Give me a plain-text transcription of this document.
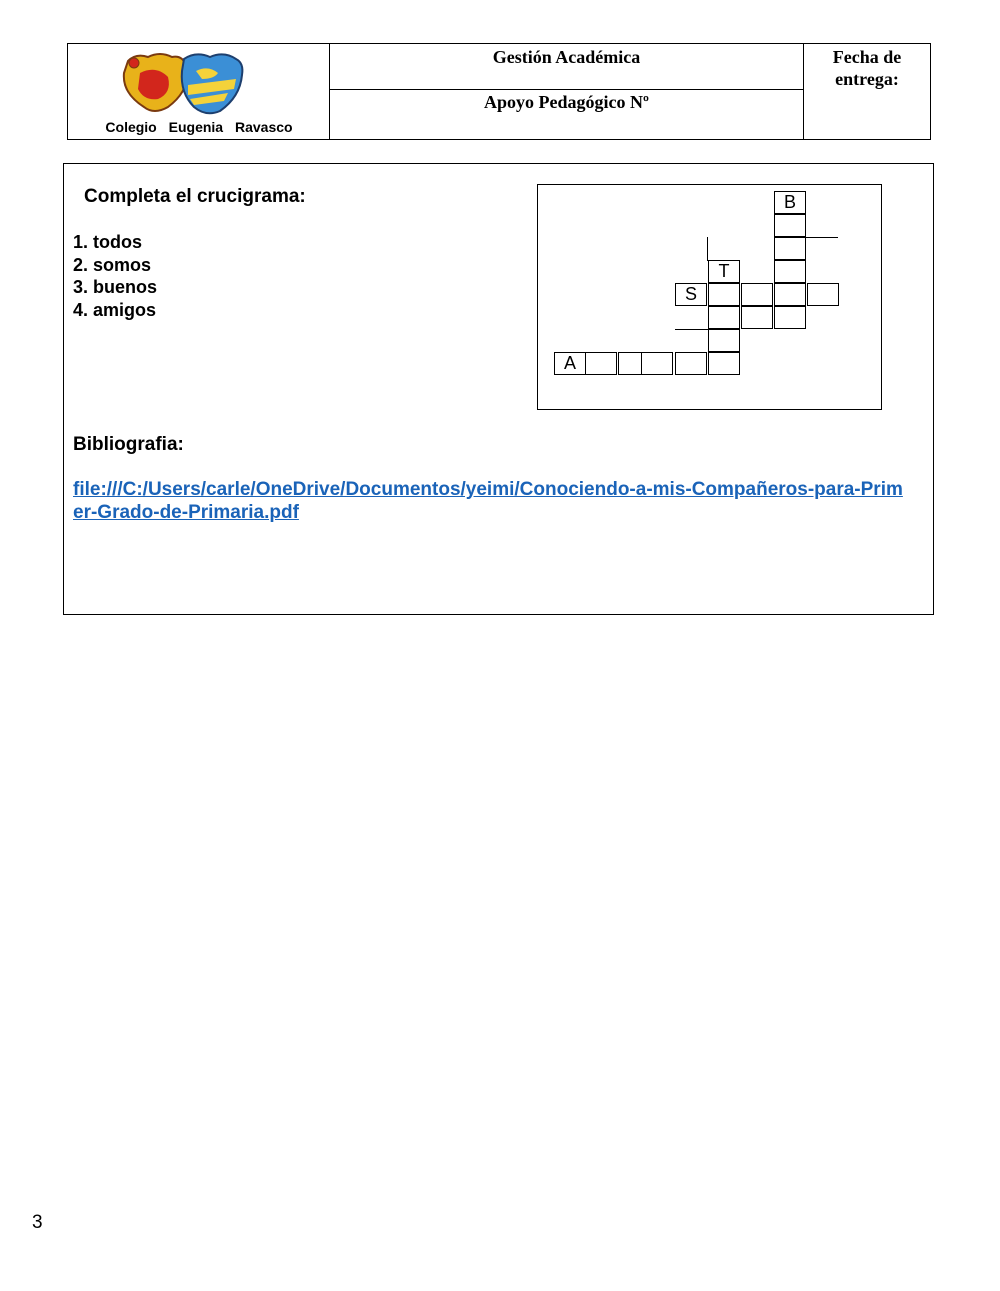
Colegio Eugenia Ravasco
Gestión Académica
Apoyo Pedagógico Nº
Fecha de
entrega:
Completa el crucigrama:
1. todos
2. somos
3. buenos
4. amigos
Bibliografia:
file:///C:/Users/carle/OneDrive/Documentos/yeimi/Conociendo-a-mis-Compañeros-para-Primer-Grado-de-Primaria.pdf
B
T
S
A
3
